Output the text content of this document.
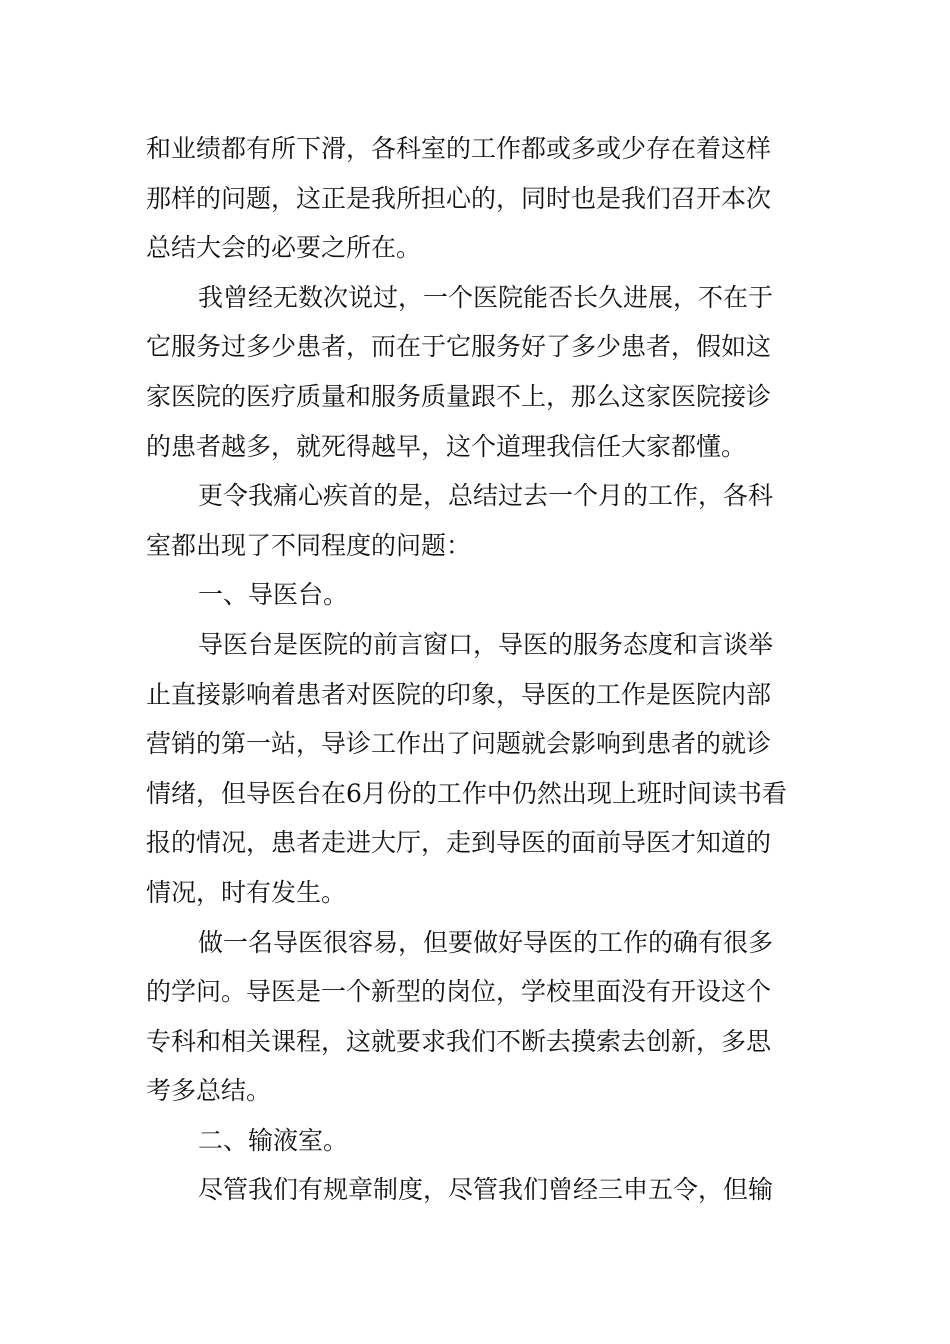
和业绩都有所下滑，各科室的工作都或多或少存在着这样
那样的问题，这正是我所担心的，同时也是我们召开本次
总结大会的必要之所在。
我曾经无数次说过，一个医院能否长久进展，不在于
它服务过多少患者，而在于它服务好了多少患者，假如这
家医院的医疗质量和服务质量跟不上，那么这家医院接诊
的患者越多，就死得越早，这个道理我信任大家都懂。
更令我痛心疾首的是，总结过去一个月的工作，各科
室都出现了不同程度的问题：
一、导医台。
导医台是医院的前言窗口，导医的服务态度和言谈举
止直接影响着患者对医院的印象，导医的工作是医院内部
营销的第一站，导诊工作出了问题就会影响到患者的就诊
情绪，但导医台在6月份的工作中仍然出现上班时间读书看
报的情况，患者走进大厅，走到导医的面前导医才知道的
情况，时有发生。
做一名导医很容易，但要做好导医的工作的确有很多
的学问。导医是一个新型的岗位，学校里面没有开设这个
专科和相关课程，这就要求我们不断去摸索去创新，多思
考多总结。
二、输液室。
尽管我们有规章制度，尽管我们曾经三申五令，但输
